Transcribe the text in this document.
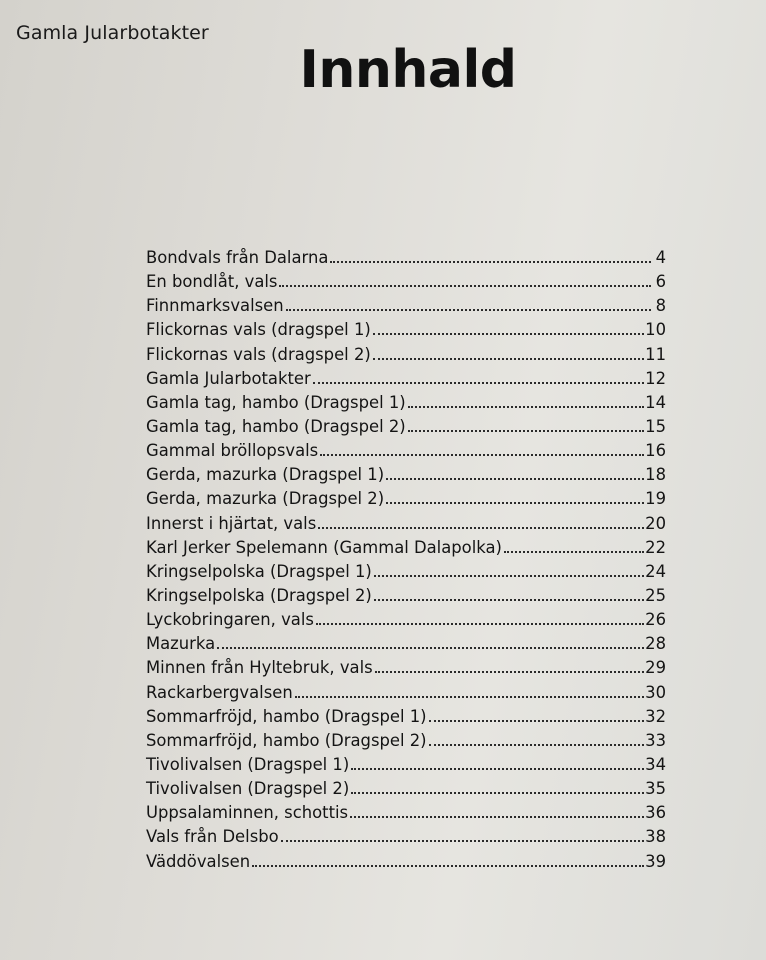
Gamla Jularbotakter
Innhald
Bondvals från Dalarna	4
En bondlåt, vals	6
Finnmarksvalsen	8
Flickornas vals (dragspel 1)	10
Flickornas vals (dragspel 2)	11
Gamla Jularbotakter	12
Gamla tag, hambo (Dragspel 1)	14
Gamla tag, hambo (Dragspel 2)	15
Gammal bröllopsvals	16
Gerda, mazurka (Dragspel 1)	18
Gerda, mazurka (Dragspel 2)	19
Innerst i hjärtat, vals	20
Karl Jerker Spelemann (Gammal Dalapolka)	22
Kringselpolska (Dragspel 1)	24
Kringselpolska (Dragspel 2)	25
Lyckobringaren, vals	26
Mazurka	28
Minnen från Hyltebruk, vals	29
Rackarbergvalsen	30
Sommarfröjd, hambo (Dragspel 1)	32
Sommarfröjd, hambo (Dragspel 2)	33
Tivolivalsen (Dragspel 1)	34
Tivolivalsen (Dragspel 2)	35
Uppsalaminnen, schottis	36
Vals från Delsbo	38
Väddövalsen	39
